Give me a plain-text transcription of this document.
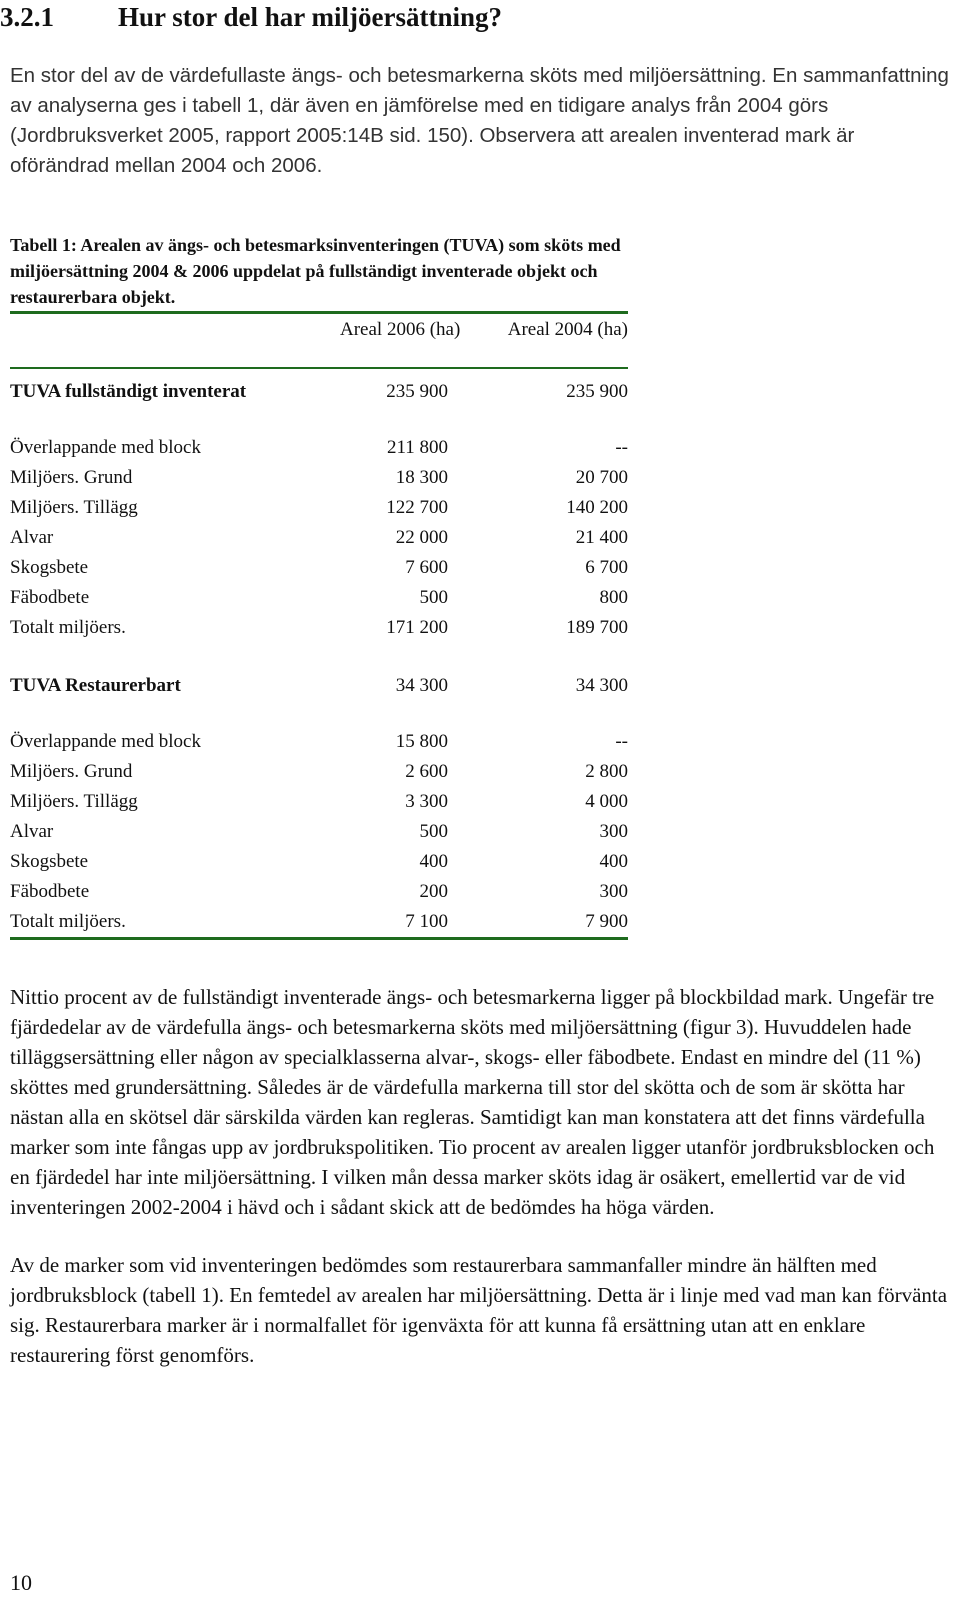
3.2.1 Hur stor del har miljöersättning?

En stor del av de värdefullaste ängs- och betesmarkerna sköts med miljöersättning. En sammanfattning av analyserna ges i tabell 1, där även en jämförelse med en tidigare analys från 2004 görs (Jordbruksverket 2005, rapport 2005:14B sid. 150). Observera att arealen inventerad mark är oförändrad mellan 2004 och 2006.

Tabell 1: Arealen av ängs- och betesmarksinventeringen (TUVA) som sköts med miljöersättning 2004 & 2006 uppdelat på fullständigt inventerade objekt och restaurerbara objekt.
Areal 2006 (ha)	Areal 2004 (ha)
TUVA fullständigt inventerat	235 900	235 900
Överlappande med block	211 800	--
Miljöers. Grund	18 300	20 700
Miljöers. Tillägg	122 700	140 200
Alvar	22 000	21 400
Skogsbete	7 600	6 700
Fäbodbete	500	800
Totalt miljöers.	171 200	189 700
TUVA Restaurerbart	34 300	34 300
Överlappande med block	15 800	--
Miljöers. Grund	2 600	2 800
Miljöers. Tillägg	3 300	4 000
Alvar	500	300
Skogsbete	400	400
Fäbodbete	200	300
Totalt miljöers.	7 100	7 900

Nittio procent av de fullständigt inventerade ängs- och betesmarkerna ligger på blockbildad mark. Ungefär tre fjärdedelar av de värdefulla ängs- och betesmarkerna sköts med miljöersättning (figur 3). Huvuddelen hade tilläggsersättning eller någon av specialklasserna alvar-, skogs- eller fäbodbete. Endast en mindre del (11 %) sköttes med grundersättning. Således är de värdefulla markerna till stor del skötta och de som är skötta har nästan alla en skötsel där särskilda värden kan regleras. Samtidigt kan man konstatera att det finns värdefulla marker som inte fångas upp av jordbrukspolitiken. Tio procent av arealen ligger utanför jordbruksblocken och en fjärdedel har inte miljöersättning. I vilken mån dessa marker sköts idag är osäkert, emellertid var de vid inventeringen 2002-2004 i hävd och i sådant skick att de bedömdes ha höga värden.

Av de marker som vid inventeringen bedömdes som restaurerbara sammanfaller mindre än hälften med jordbruksblock (tabell 1). En femtedel av arealen har miljöersättning. Detta är i linje med vad man kan förvänta sig. Restaurerbara marker är i normalfallet för igenväxta för att kunna få ersättning utan att en enklare restaurering först genomförs.

10
